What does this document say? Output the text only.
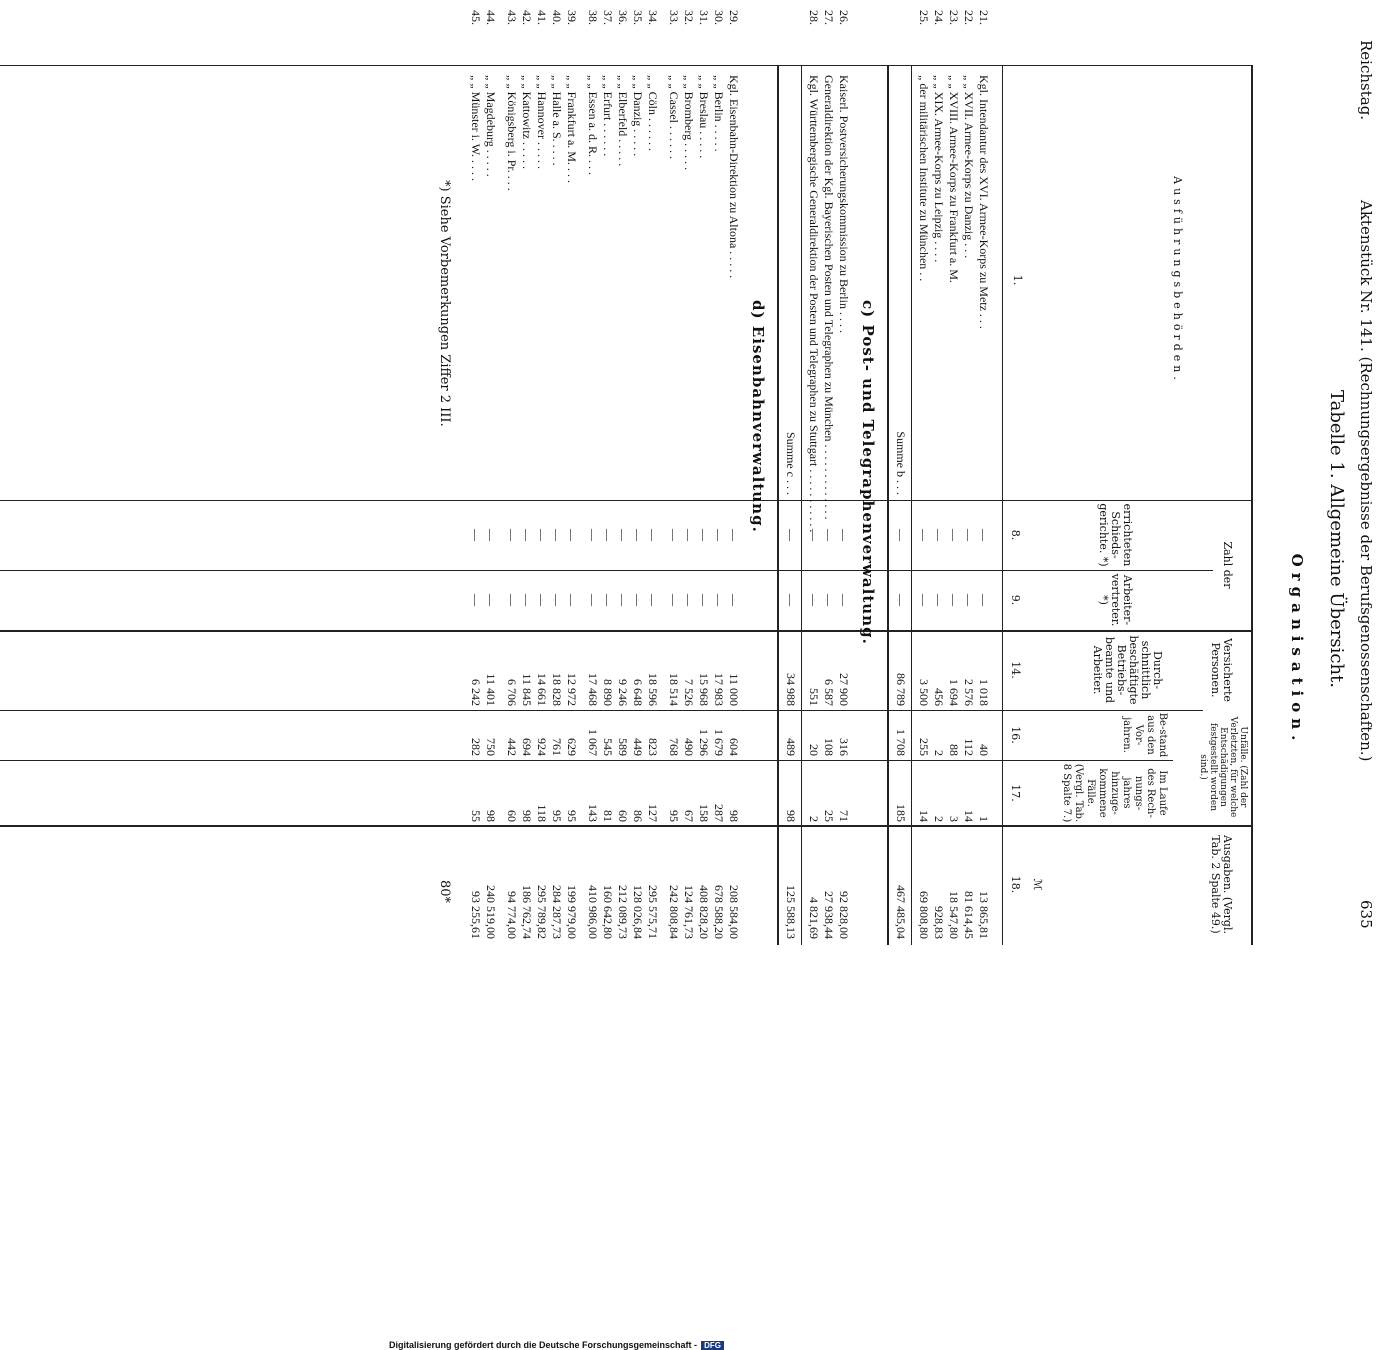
Reichstag.
Aktenstück Nr. 141. (Rechnungsergebnisse der Berufsgenossenschaften.)
635
Tabelle 1. Allgemeine Übersicht.
Ausführungsbehörden.
1.
Organisation.
Zahl der
errichteten Schieds-gerichte. *)
8.
Arbeiter-vertreter. *)
9.
Versicherte Personen.
Durch-schnittlich beschäftigte Betriebs-beamte und Arbeiter.
14.
Unfälle. (Zahl der Verletzten, für welche Entschädigungen festgestellt worden sind.)
Be-stand aus den Vor-jahren.
16.
Im Laufe des Rech-nungs-jahres hinzuge-kommene Fälle. (Vergl. Tab. 8 Spalte 7.)
17.
Ausgaben. (Vergl. Tab. 2 Spalte 49.)
ℳ
18.
21.
Kgl. Intendantur des XVI. Armee-Korps zu Metz . . .
—
—
1 018
40
1
13 865,81
22.
„ „ XVII. Armee-Korps zu Danzig . . .
—
—
2 576
112
14
81 614,45
23.
„ „ XVIII. Armee-Korps zu Frankfurt a. M.
—
—
1 694
88
3
18 547,80
24.
„ „ XIX. Armee-Korps zu Leipzig . . . .
—
—
456
2
2
928,83
25.
„ der militärischen Institute zu München . .
—
—
3 500
255
14
69 808,80
Summe b . . .
—
—
86 789
1 708
185
467 485,04
c) Post- und Telegraphenverwaltung.
26.
Kaiserl. Postversicherungskommission zu Berlin . . . .
—
—
27 900
316
71
92 828,00
27.
Generaldirektion der Kgl. Bayerischen Posten und Telegraphen zu München . . . . . . . . . . . . .
—
—
6 587
108
25
27 938,44
28.
Kgl. Württembergische Generaldirektion der Posten und Telegraphen zu Stuttgart . . . . . . . . . . .
—
—
551
20
2
4 821,69
Summe c . . .
—
—
34 988
489
98
125 588,13
d) Eisenbahnverwaltung.
29.
Kgl. Eisenbahn-Direktion zu Altona . . . . .
—
—
11 000
604
98
208 584,00
30.
„ „ Berlin . . . . .
—
—
17 983
1 679
287
678 588,20
31.
„ „ Breslau . . . . .
—
—
15 968
1 296
158
408 828,20
32.
„ „ Bromberg . . . . .
—
—
7 526
490
67
124 761,73
33.
„ „ Cassel . . . . . .
—
—
18 514
768
95
242 808,84
34.
„ „ Cöln . . . . . .
—
—
18 596
823
127
295 575,71
35.
„ „ Danzig . . . . .
—
—
6 648
449
86
128 026,84
36.
„ „ Elberfeld . . . . .
—
—
9 246
589
60
212 089,73
37.
„ „ Erfurt . . . . . .
—
—
8 890
545
81
160 642,80
38.
„ „ Essen a. d. R. . . .
—
—
17 468
1 067
143
410 986,00
39.
„ „ Frankfurt a. M. . . .
—
—
12 972
629
95
199 979,00
40.
„ „ Halle a. S. . . . .
—
—
18 828
761
95
284 287,73
41.
„ „ Hannover . . . . .
—
—
14 661
924
118
295 789,82
42.
„ „ Kattowitz . . . . .
—
—
11 845
694
98
186 762,74
43.
„ „ Königsberg i. Pr. . . .
—
—
6 706
442
60
94 774,00
44.
„ „ Magdeburg . . . . .
—
—
11 401
750
98
240 519,00
45.
„ „ Münster i. W. . . . .
—
—
6 242
282
55
93 255,61
*) Siehe Vorbemerkungen Ziffer 2 III.
80*
Digitalisierung gefördert durch die Deutsche Forschungsgemeinschaft - DFG
